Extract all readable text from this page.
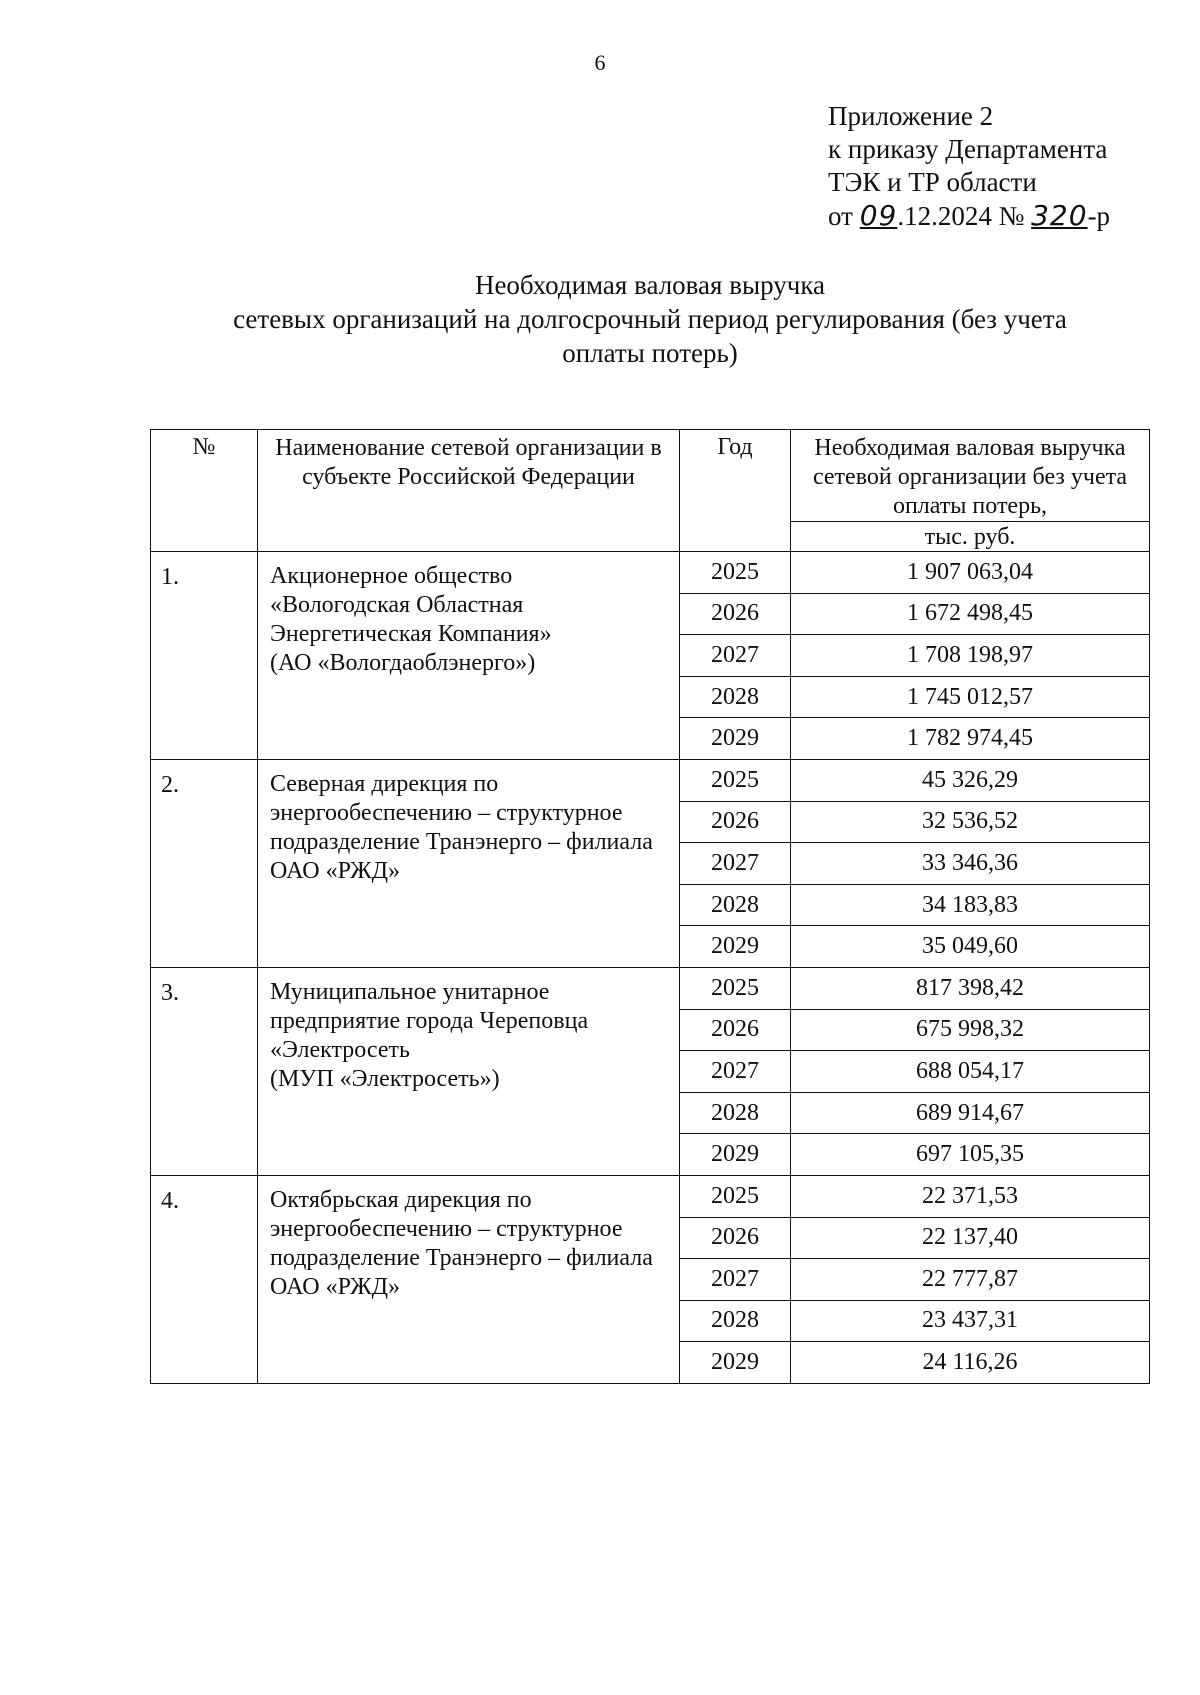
6
Приложение 2
к приказу Департамента
ТЭК и ТР области
от 09.12.2024 № 320-р
Необходимая валовая выручка
сетевых организаций на долгосрочный период регулирования (без учета
оплаты потерь)
№	Наименование сетевой организации в субъекте Российской Федерации	Год	Необходимая валовая выручка сетевой организации без учета оплаты потерь,
			тыс. руб.
1.	Акционерное общество
«Вологодская Областная
Энергетическая Компания»
(АО «Вологдаоблэнерго»)	2025	1 907 063,04
		2026	1 672 498,45
		2027	1 708 198,97
		2028	1 745 012,57
		2029	1 782 974,45
2.	Северная дирекция по
энергообеспечению – структурное
подразделение Транэнерго – филиала
ОАО «РЖД»	2025	45 326,29
		2026	32 536,52
		2027	33 346,36
		2028	34 183,83
		2029	35 049,60
3.	Муниципальное унитарное
предприятие города Череповца
«Электросеть
(МУП «Электросеть»)	2025	817 398,42
		2026	675 998,32
		2027	688 054,17
		2028	689 914,67
		2029	697 105,35
4.	Октябрьская дирекция по
энергообеспечению – структурное
подразделение Транэнерго – филиала
ОАО «РЖД»	2025	22 371,53
		2026	22 137,40
		2027	22 777,87
		2028	23 437,31
		2029	24 116,26
